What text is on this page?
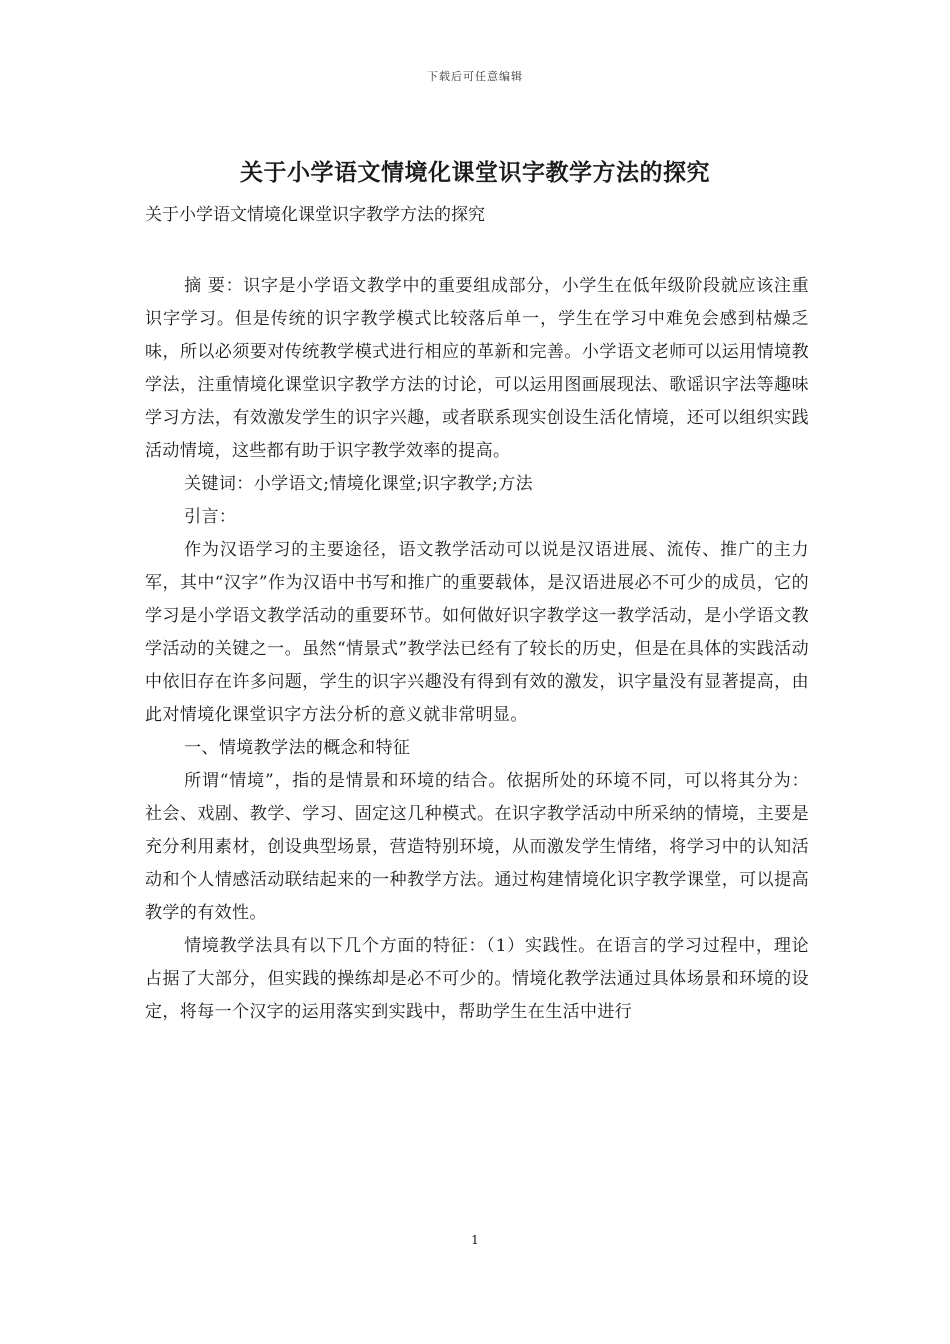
下载后可任意编辑
关于小学语文情境化课堂识字教学方法的探究

关于小学语文情境化课堂识字教学方法的探究

摘 要：识字是小学语文教学中的重要组成部分，小学生在低年级阶段就应该注重识字学习。但是传统的识字教学模式比较落后单一，学生在学习中难免会感到枯燥乏味，所以必须要对传统教学模式进行相应的革新和完善。小学语文老师可以运用情境教学法，注重情境化课堂识字教学方法的讨论，可以运用图画展现法、歌谣识字法等趣味学习方法，有效激发学生的识字兴趣，或者联系现实创设生活化情境，还可以组织实践活动情境，这些都有助于识字教学效率的提高。

关键词：小学语文;情境化课堂;识字教学;方法

引言：

作为汉语学习的主要途径，语文教学活动可以说是汉语进展、流传、推广的主力军，其中“汉字”作为汉语中书写和推广的重要载体，是汉语进展必不可少的成员，它的学习是小学语文教学活动的重要环节。如何做好识字教学这一教学活动，是小学语文教学活动的关键之一。虽然“情景式”教学法已经有了较长的历史，但是在具体的实践活动中依旧存在许多问题，学生的识字兴趣没有得到有效的激发，识字量没有显著提高，由此对情境化课堂识字方法分析的意义就非常明显。

一、情境教学法的概念和特征

所谓“情境”，指的是情景和环境的结合。依据所处的环境不同，可以将其分为：社会、戏剧、教学、学习、固定这几种模式。在识字教学活动中所采纳的情境，主要是充分利用素材，创设典型场景，营造特别环境，从而激发学生情绪，将学习中的认知活动和个人情感活动联结起来的一种教学方法。通过构建情境化识字教学课堂，可以提高教学的有效性。

情境教学法具有以下几个方面的特征：（1）实践性。在语言的学习过程中，理论占据了大部分，但实践的操练却是必不可少的。情境化教学法通过具体场景和环境的设定，将每一个汉字的运用落实到实践中，帮助学生在生活中进行

1
